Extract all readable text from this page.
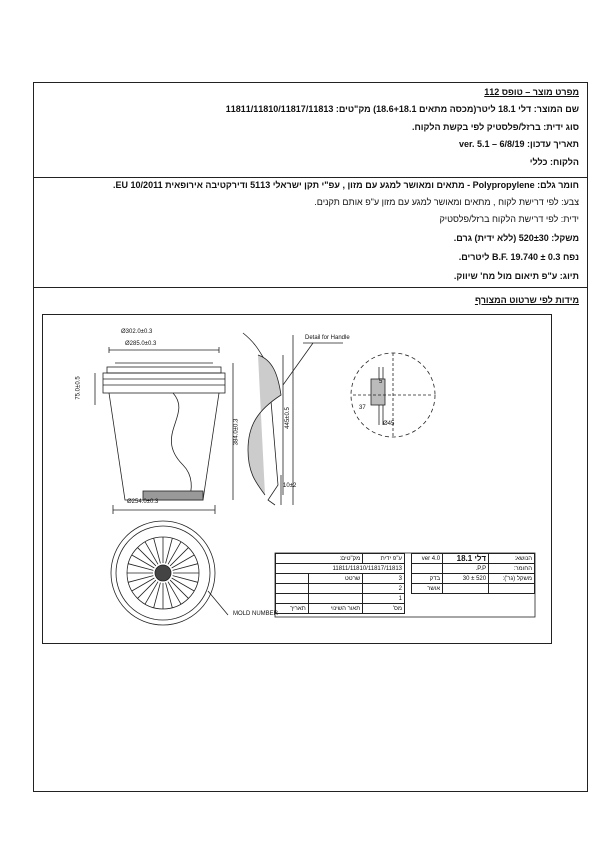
מפרט מוצר – טופס 112
שם המוצר: דלי 18.1 ליטר(מכסה מתאים 18.6+18.1) מק"טים: 11811/11810/11817/11813
סוג ידית: ברזל/פלסטיק לפי בקשת הלקוח.
תאריך עדכון: 6/8/19 – ver. 5.1
הלקוח: כללי
חומר גלם: Polypropylene - מתאים ומאושר למגע עם מזון , עפ"י תקן ישראלי 5113 ודירקטיבה אירופאית EU 10/2011.
צבע: לפי דרישת לקוח , מתאים ומאושר למגע עם מזון ע"פ אותם תקנים.
ידית: לפי דרישת הלקוח ברזל/פלסטיק
משקל: 520±30 (ללא ידית) גרם.
נפח B.F. 19.740 ± 0.3 ליטרים.
תיוג: ע"פ תיאום מול מח' שיווק.
מידות לפי שרטוט המצורף
Ø302.0±0.3
Ø285.0±0.3
Ø254.0±0.3
75.0±0.5
384.0±0.3
445±0.5
10±2
Detail for Handle
MOLD NUMBER
37
Ø45
5
מק"טים:		ע"פ ידית
11811/11810/11817/11813		
	שרטט	3
		2
		1
תאריך	תאור השינוי	מס'
ver 4.0	דלי 18.1	הנושא:
	P.P.	החומר:
בדק	520 ± 30	משקל (גר'):
אושר		
